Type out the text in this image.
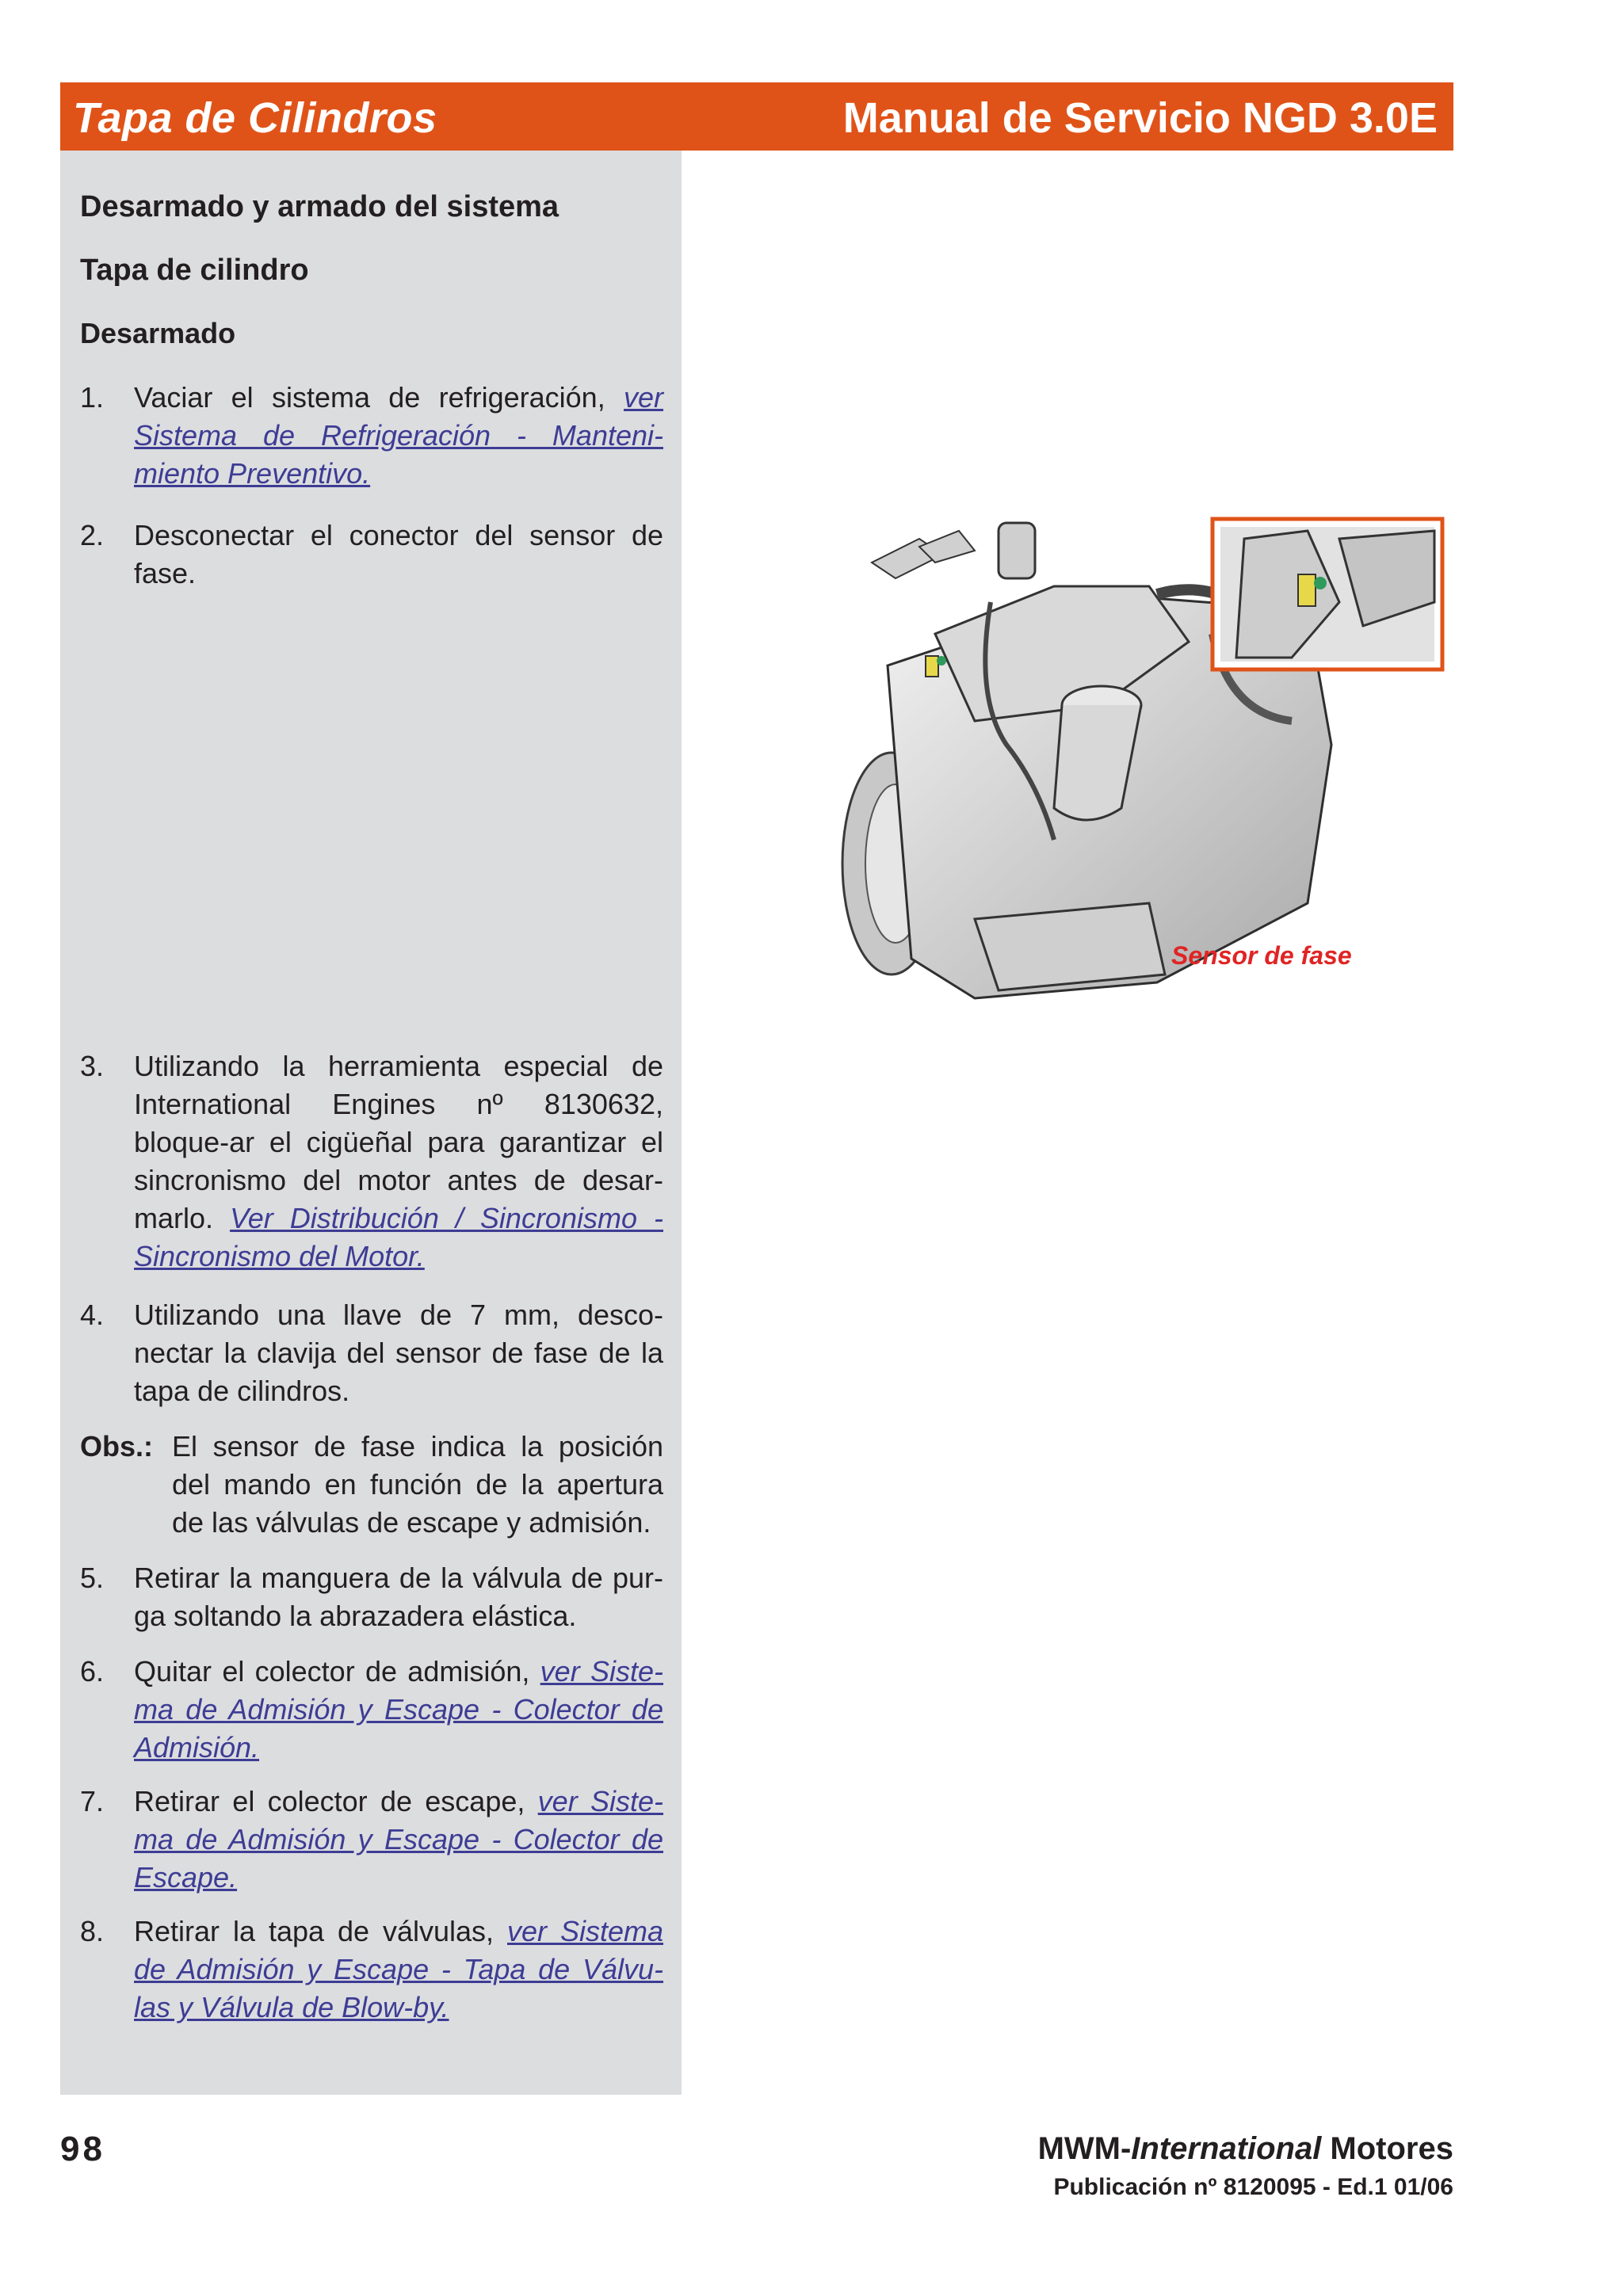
Tapa de Cilindros	Manual de Servicio NGD 3.0E
Desarmado y armado del sistema
Tapa de cilindro
Desarmado
1. Vaciar el sistema de refrigeración, ver Sistema de Refrigeración - Manteni-miento Preventivo.
2. Desconectar el conector del sensor de fase.
Sensor de fase
3. Utilizando la herramienta especial de International Engines nº 8130632, bloque-ar el cigüeñal para garantizar el sincronismo del motor antes de desar-marlo. Ver Distribución / Sincronismo - Sincronismo del Motor.
4. Utilizando una llave de 7 mm, desco-nectar la clavija del sensor de fase de la tapa de cilindros.
Obs.: El sensor de fase indica la posición del mando en función de la apertura de las válvulas de escape y admisión.
5. Retirar la manguera de la válvula de pur-ga soltando la abrazadera elástica.
6. Quitar el colector de admisión, ver Siste-ma de Admisión y Escape - Colector de Admisión.
7. Retirar el colector de escape, ver Siste-ma de Admisión y Escape - Colector de Escape.
8. Retirar la tapa de válvulas, ver Sistema de Admisión y Escape - Tapa de Válvu-las y Válvula de Blow-by.
98	MWM-International Motores
Publicación nº 8120095 - Ed.1 01/06
